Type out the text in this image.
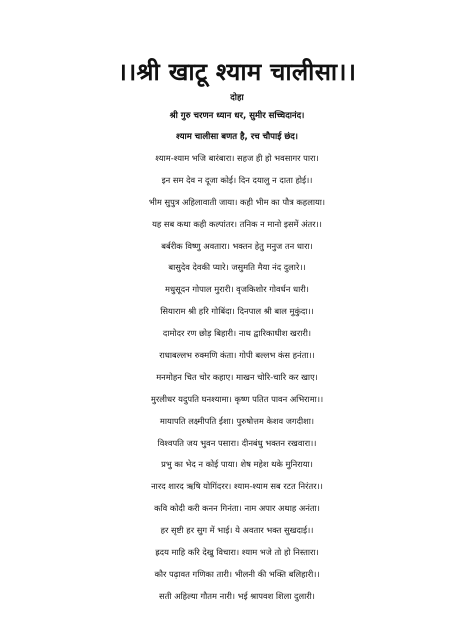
।।श्री खाटू श्याम चालीसा।।
दोहा
श्री गुरु चरणन ध्यान धर, सुमीर सच्चिदानंद।
श्याम चालीसा बणत है, रच चौपाई छंद।
श्याम-श्याम भजि बारंबारा। सहज ही हो भवसागर पारा।
इन सम देव न दूजा कोई। दिन दयालु न दाता होई।।
भीम सुपुत्र अहिलावाती जाया। कही भीम का पौत्र कहलाया।
यह सब कथा कही कल्पांतर। तनिक न मानो इसमें अंतर।।
बर्बरीक विष्णु अवतारा। भक्तन हेतु मनुज तन धारा।
बासुदेव देवकी प्यारे। जसुमति मैया नंद दुलारे।।
मधुसूदन गोपाल मुरारी। वृजकिशोर गोवर्धन धारी।
सियाराम श्री हरि गोबिंदा। दिनपाल श्री बाल मुकुंदा।।
दामोदर रण छोड़ बिहारी। नाथ द्वारिकाधीश खरारी।
राधाबल्लभ रुक्मणि कंता। गोपी बल्लभ कंस हनंता।।
मनमोहन चित चोर कहाए। माखन चोरि-चारि कर खाए।
मुरलीधर यदुपति घनश्यामा। कृष्ण पतित पावन अभिरामा।।
मायापति लक्ष्मीपति ईशा। पुरुषोत्तम केशव जगदीशा।
विश्वपति जय भुवन पसारा। दीनबंधु भक्तन रखवारा।।
प्रभु का भेद न कोई पाया। शेष महेश थके मुनिराया।
नारद शारद ऋषि योगिंदरर। श्याम-श्याम सब रटत निरंतर।।
कवि कोदी करी कनन गिनंता। नाम अपार अथाह अनंता।
हर सृष्टी हर सुग में भाई। ये अवतार भक्त सुखदाई।।
ह्रदय माहि करि देखु विचारा। श्याम भजे तो हो निस्तारा।
कौर पढ़ावत गणिका तारी। भीलनी की भक्ति बलिहारी।।
सती अहिल्या गौतम नारी। भई श्रापवश शिला दुलारी।
